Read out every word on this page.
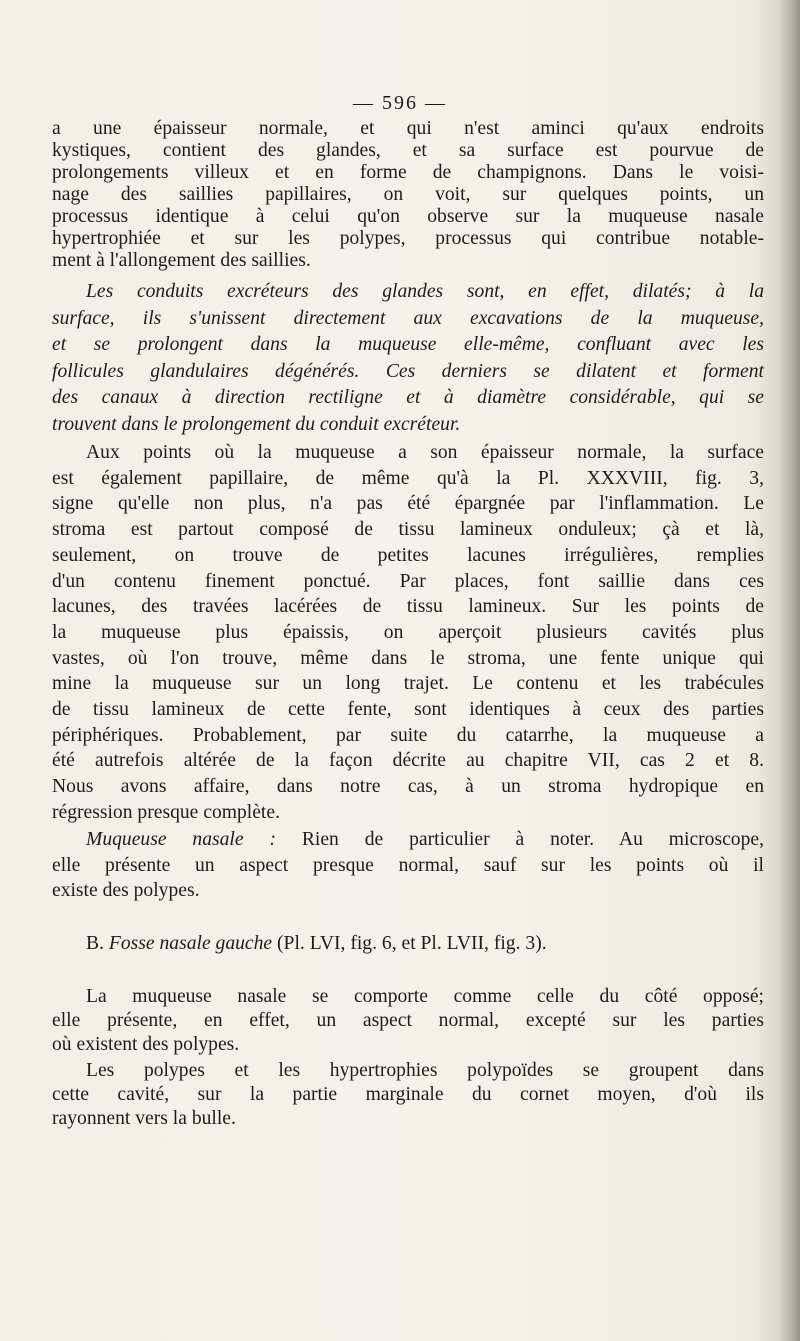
— 596 —
a une épaisseur normale, et qui n'est aminci qu'aux endroits
kystiques, contient des glandes, et sa surface est pourvue de
prolongements villeux et en forme de champignons. Dans le voisi-
nage des saillies papillaires, on voit, sur quelques points, un
processus identique à celui qu'on observe sur la muqueuse nasale
hypertrophiée et sur les polypes, processus qui contribue notable-
ment à l'allongement des saillies.
Les conduits excréteurs des glandes sont, en effet, dilatés; à la
surface, ils s'unissent directement aux excavations de la muqueuse,
et se prolongent dans la muqueuse elle-même, confluant avec les
follicules glandulaires dégénérés. Ces derniers se dilatent et forment
des canaux à direction rectiligne et à diamètre considérable, qui se
trouvent dans le prolongement du conduit excréteur.
Aux points où la muqueuse a son épaisseur normale, la surface
est également papillaire, de même qu'à la Pl. XXXVIII, fig. 3,
signe qu'elle non plus, n'a pas été épargnée par l'inflammation. Le
stroma est partout composé de tissu lamineux onduleux; çà et là,
seulement, on trouve de petites lacunes irrégulières, remplies
d'un contenu finement ponctué. Par places, font saillie dans ces
lacunes, des travées lacérées de tissu lamineux. Sur les points de
la muqueuse plus épaissis, on aperçoit plusieurs cavités plus
vastes, où l'on trouve, même dans le stroma, une fente unique qui
mine la muqueuse sur un long trajet. Le contenu et les trabécules
de tissu lamineux de cette fente, sont identiques à ceux des parties
périphériques. Probablement, par suite du catarrhe, la muqueuse a
été autrefois altérée de la façon décrite au chapitre VII, cas 2 et 8.
Nous avons affaire, dans notre cas, à un stroma hydropique en
régression presque complète.
Muqueuse nasale : Rien de particulier à noter. Au microscope,
elle présente un aspect presque normal, sauf sur les points où il
existe des polypes.
B. Fosse nasale gauche (Pl. LVI, fig. 6, et Pl. LVII, fig. 3).
La muqueuse nasale se comporte comme celle du côté opposé;
elle présente, en effet, un aspect normal, excepté sur les parties
où existent des polypes.
Les polypes et les hypertrophies polypoïdes se groupent dans
cette cavité, sur la partie marginale du cornet moyen, d'où ils
rayonnent vers la bulle.
